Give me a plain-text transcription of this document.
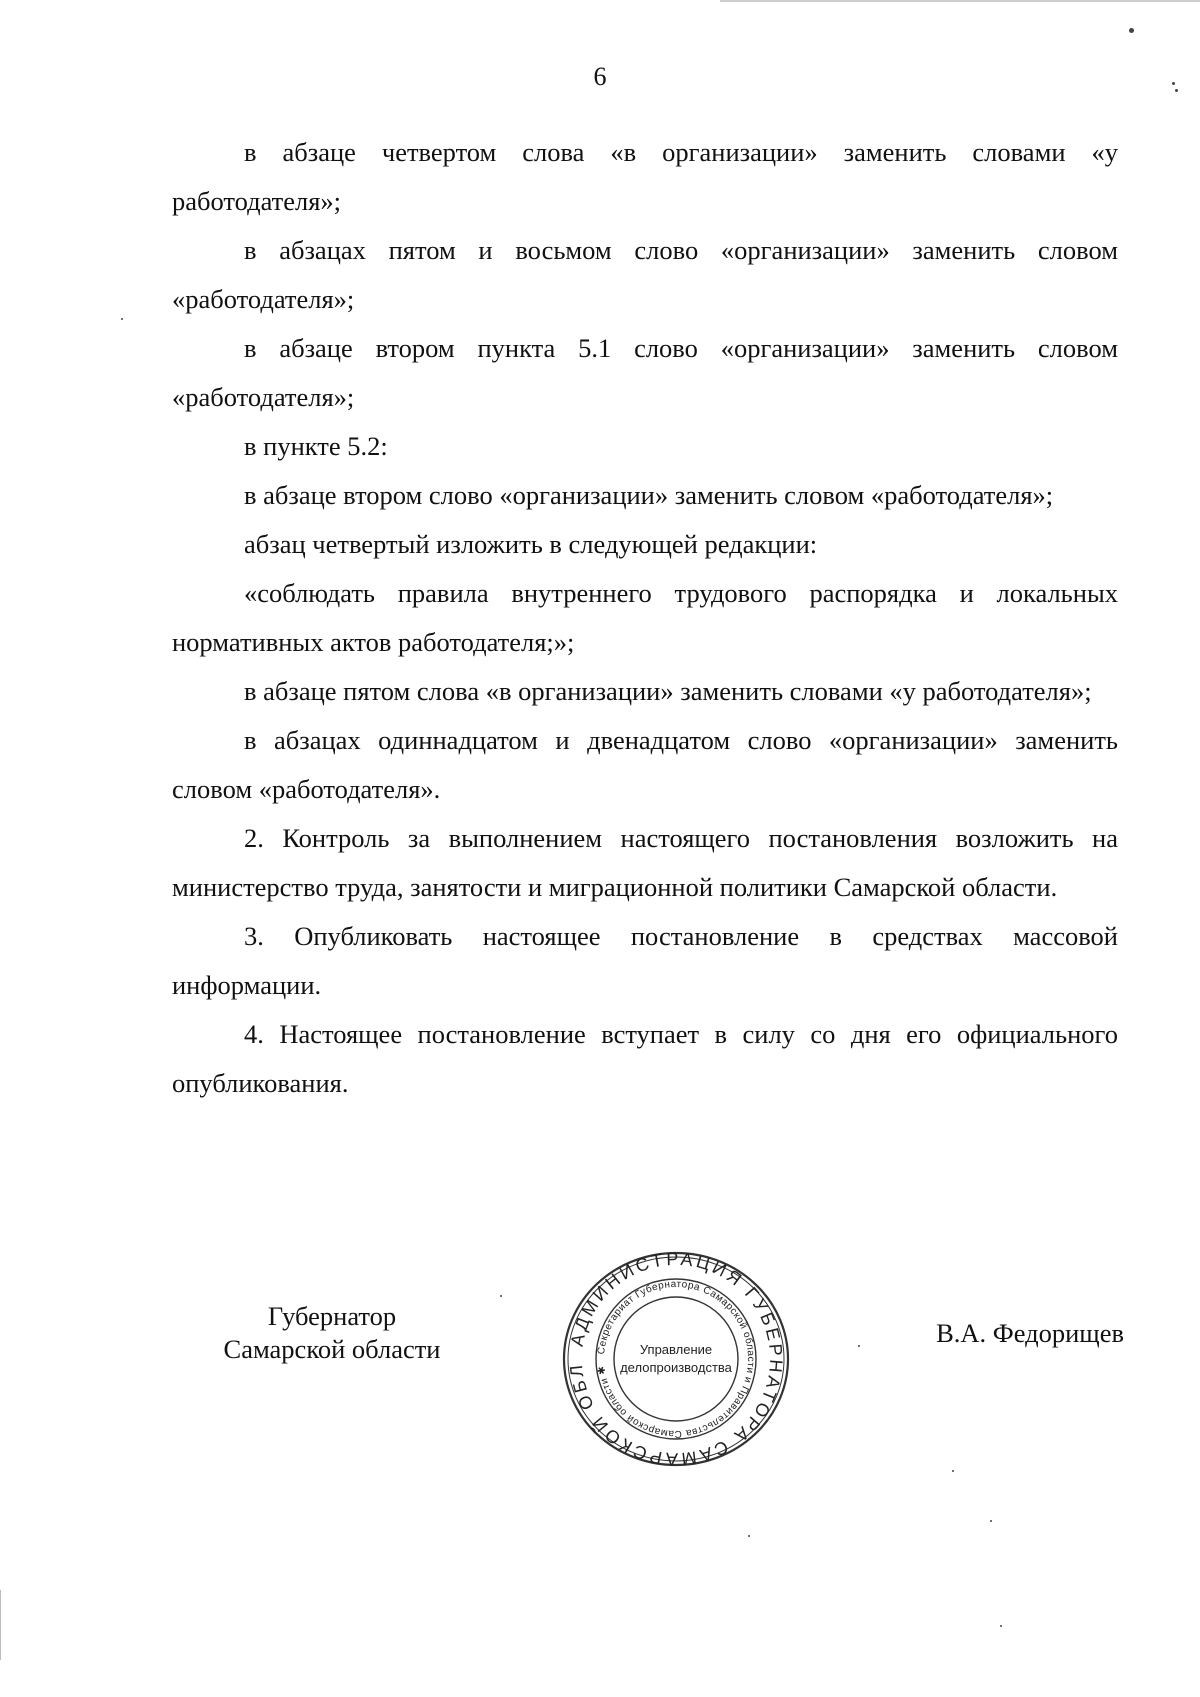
6

в абзаце четвертом слова «в организации» заменить словами «у работодателя»;

в абзацах пятом и восьмом слово «организации» заменить словом «работодателя»;

в абзаце втором пункта 5.1 слово «организации» заменить словом «работодателя»;

в пункте 5.2:

в абзаце втором слово «организации» заменить словом «работодателя»;

абзац четвертый изложить в следующей редакции:

«соблюдать правила внутреннего трудового распорядка и локальных нормативных актов работодателя;»;

в абзаце пятом слова «в организации» заменить словами «у работодателя»;

в абзацах одиннадцатом и двенадцатом слово «организации» заменить словом «работодателя».

2. Контроль за выполнением настоящего постановления возложить на министерство труда, занятости и миграционной политики Самарской области.

3. Опубликовать настоящее постановление в средствах массовой информации.

4. Настоящее постановление вступает в силу со дня его официального опубликования.

Губернатор
Самарской области
В.А. Федорищев
АДМИНИСТРАЦИЯ ГУБЕРНАТОРА САМАРСКОЙ ОБЛ
Секретариат Губернатора Самарской области и Правительства Самарской области ✱
Управление
делопроизводства
